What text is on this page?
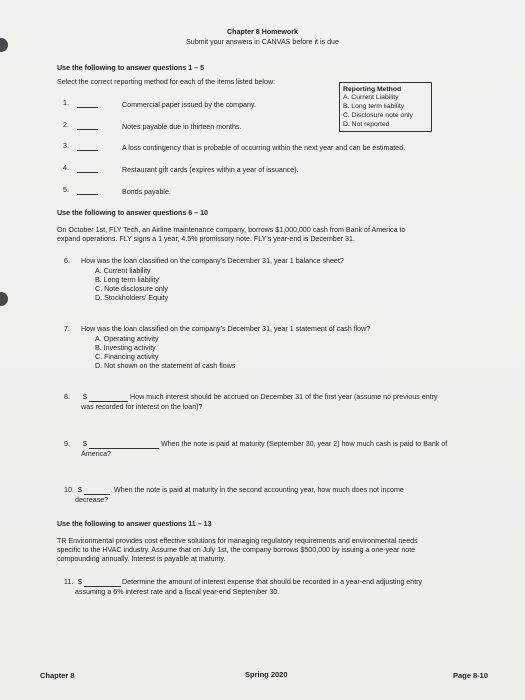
Chapter 8 Homework
Submit your answers in CANVAS before it is due
Use the following to answer questions 1 – 5
Select the correct reporting method for each of the items listed below:
Reporting Method
A. Current Liability
B. Long term liability
C. Disclosure note only
D. Not reported
1.	Commercial paper issued by the company.
2.	Notes payable due in thirteen months.
3.	A loss contingency that is probable of occurring within the next year and can be estimated.
4.	Restaurant gift cards (expires within a year of issuance).
5.	Bonds payable.
Use the following to answer questions 6 – 10
On October 1st, FLY Tech, an Airline maintenance company, borrows $1,000,000 cash from Bank of America to
expand operations. FLY signs a 1 year, 4.5% promissory note. FLY's year-end is December 31.
6. How was the loan classified on the company's December 31, year 1 balance sheet?
A. Current liability
B. Long term liability
C. Note disclosure only
D. Stockholders' Equity
7. How was the loan classified on the company's December 31, year 1 statement of cash flow?
A. Operating activity
B. Investing activity
C. Financing activity
D. Not shown on the statement of cash flows
8. $	How much interest should be accrued on December 31 of the first year (assume no previous entry
was recorded for interest on the loan)?
9. $	When the note is paid at maturity (September 30, year 2) how much cash is paid to Bank of
America?
10. $	When the note is paid at maturity in the second accounting year, how much does not income
decrease?
Use the following to answer questions 11 – 13
TR Environmental provides cost effective solutions for managing regulatory requirements and environmental needs
specific to the HVAC industry. Assume that on July 1st, the company borrows $500,000 by issuing a one-year note
compounding annually. Interest is payable at maturity.
11. $	Determine the amount of interest expense that should be recorded in a year-end adjusting entry
assuming a 6% interest rate and a fiscal year-end September 30.
Chapter 8	Spring 2020	Page 8-10
